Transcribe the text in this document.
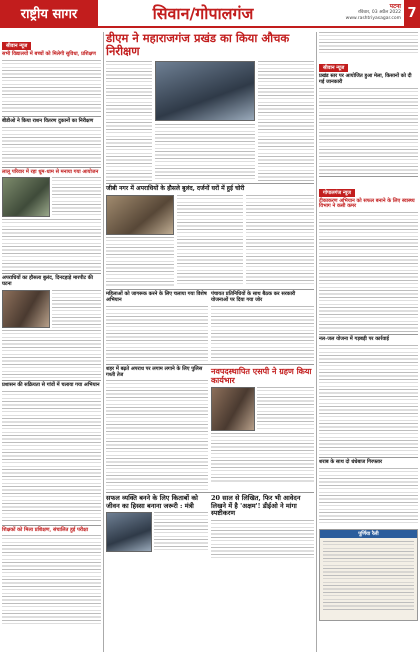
राष्ट्रीय सागर	सिवान/गोपालगंज	पटना
रविवार, 03 अप्रैल 2022
www.rashtriyasagar.com 7
सीवान न्यूज
सभी विद्यालयों में बच्चों को मिलेगी सुविधा, प्रशिक्षण
बीडीओ ने किया राशन वितरण दुकानों का निरीक्षण
लालू परिवार में रहा धूम-धाम से मनाया गया आयोजन
अपराधियों का हौसला बुलंद, दिनदहाड़े मारपीट की घटना
प्रशासन की सक्रियता से गांवों में चलाया गया अभियान
शिक्षकों को मिला प्रशिक्षण, संचालित हुई परीक्षा
डीएम ने महाराजगंज प्रखंड का किया औचक निरीक्षण
जीबी नगर में अपराधियों के हौसले बुलंद, दर्जनों घरों में हुई चोरी
महिलाओं को जागरूक करने के लिए चलाया गया विशेष अभियान
पंचायत प्रतिनिधियों के साथ बैठक कर सरकारी योजनाओं पर दिया गया जोर
शहर में बढ़ते अपराध पर लगाम लगाने के लिए पुलिस गश्ती तेज	नवपदस्थापित एसपी ने ग्रहण किया कार्यभार
सफल व्यक्ति बनने के लिए किताबों को जीवन का हिस्सा बनाना जरूरी : मंत्री
20 साल से लिखित, फिर भी आवेदन लिखने में है 'अक्षम'! डीईओ ने मांगा स्पष्टीकरण
सीवान न्यूज
प्रखंड स्तर पर आयोजित हुआ मेला, किसानों को दी गई जानकारी
गोपालगंज न्यूज
टीकाकरण अभियान को सफल बनाने के लिए स्वास्थ्य विभाग ने कसी कमर
नल-जल योजना में गड़बड़ी पर कार्रवाई
शराब के साथ दो धंधेबाज गिरफ्तार
पूर्णिया रैली
